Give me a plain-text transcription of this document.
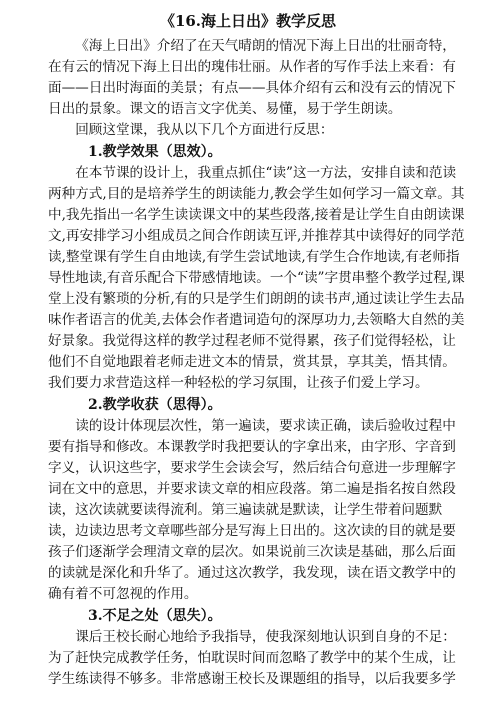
《16.海上日出》教学反思

《海上日出》介绍了在天气晴朗的情况下海上日出的壮丽奇特，在有云的情况下海上日出的瑰伟壮丽。从作者的写作手法上来看：有面——日出时海面的美景；有点——具体介绍有云和没有云的情况下日出的景象。课文的语言文字优美、易懂，易于学生朗读。

回顾这堂课，我从以下几个方面进行反思：

1.教学效果（思效）。

在本节课的设计上，我重点抓住“读”这一方法，安排自读和范读两种方式,目的是培养学生的朗读能力,教会学生如何学习一篇文章。其中,我先指出一名学生读读课文中的某些段落,接着是让学生自由朗读课文,再安排学习小组成员之间合作朗读互评,并推荐其中读得好的同学范读,整堂课有学生自由地读,有学生尝试地读,有学生合作地读,有老师指导性地读,有音乐配合下带感情地读。一个“读”字贯串整个教学过程,课堂上没有繁琐的分析,有的只是学生们朗朗的读书声,通过读让学生去品味作者语言的优美,去体会作者遣词造句的深厚功力,去领略大自然的美好景象。我觉得这样的教学过程老师不觉得累，孩子们觉得轻松，让他们不自觉地跟着老师走进文本的情景，赏其景，享其美，悟其情。我们要力求营造这样一种轻松的学习氛围，让孩子们爱上学习。

2.教学收获（思得）。

读的设计体现层次性，第一遍读，要求读正确，读后验收过程中要有指导和修改。本课教学时我把要认的字拿出来，由字形、字音到字义，认识这些字，要求学生会读会写，然后结合句意进一步理解字词在文中的意思，并要求读文章的相应段落。第二遍是指名按自然段读，这次读就要读得流利。第三遍读就是默读，让学生带着问题默读，边读边思考文章哪些部分是写海上日出的。这次读的目的就是要孩子们逐渐学会理清文章的层次。如果说前三次读是基础，那么后面的读就是深化和升华了。通过这次教学，我发现，读在语文教学中的确有着不可忽视的作用。

3.不足之处（思失）。

课后王校长耐心地给予我指导，使我深刻地认识到自身的不足：为了赶快完成教学任务，怕耽误时间而忽略了教学中的某个生成，让学生练读得不够多。非常感谢王校长及课题组的指导，以后我要多学
